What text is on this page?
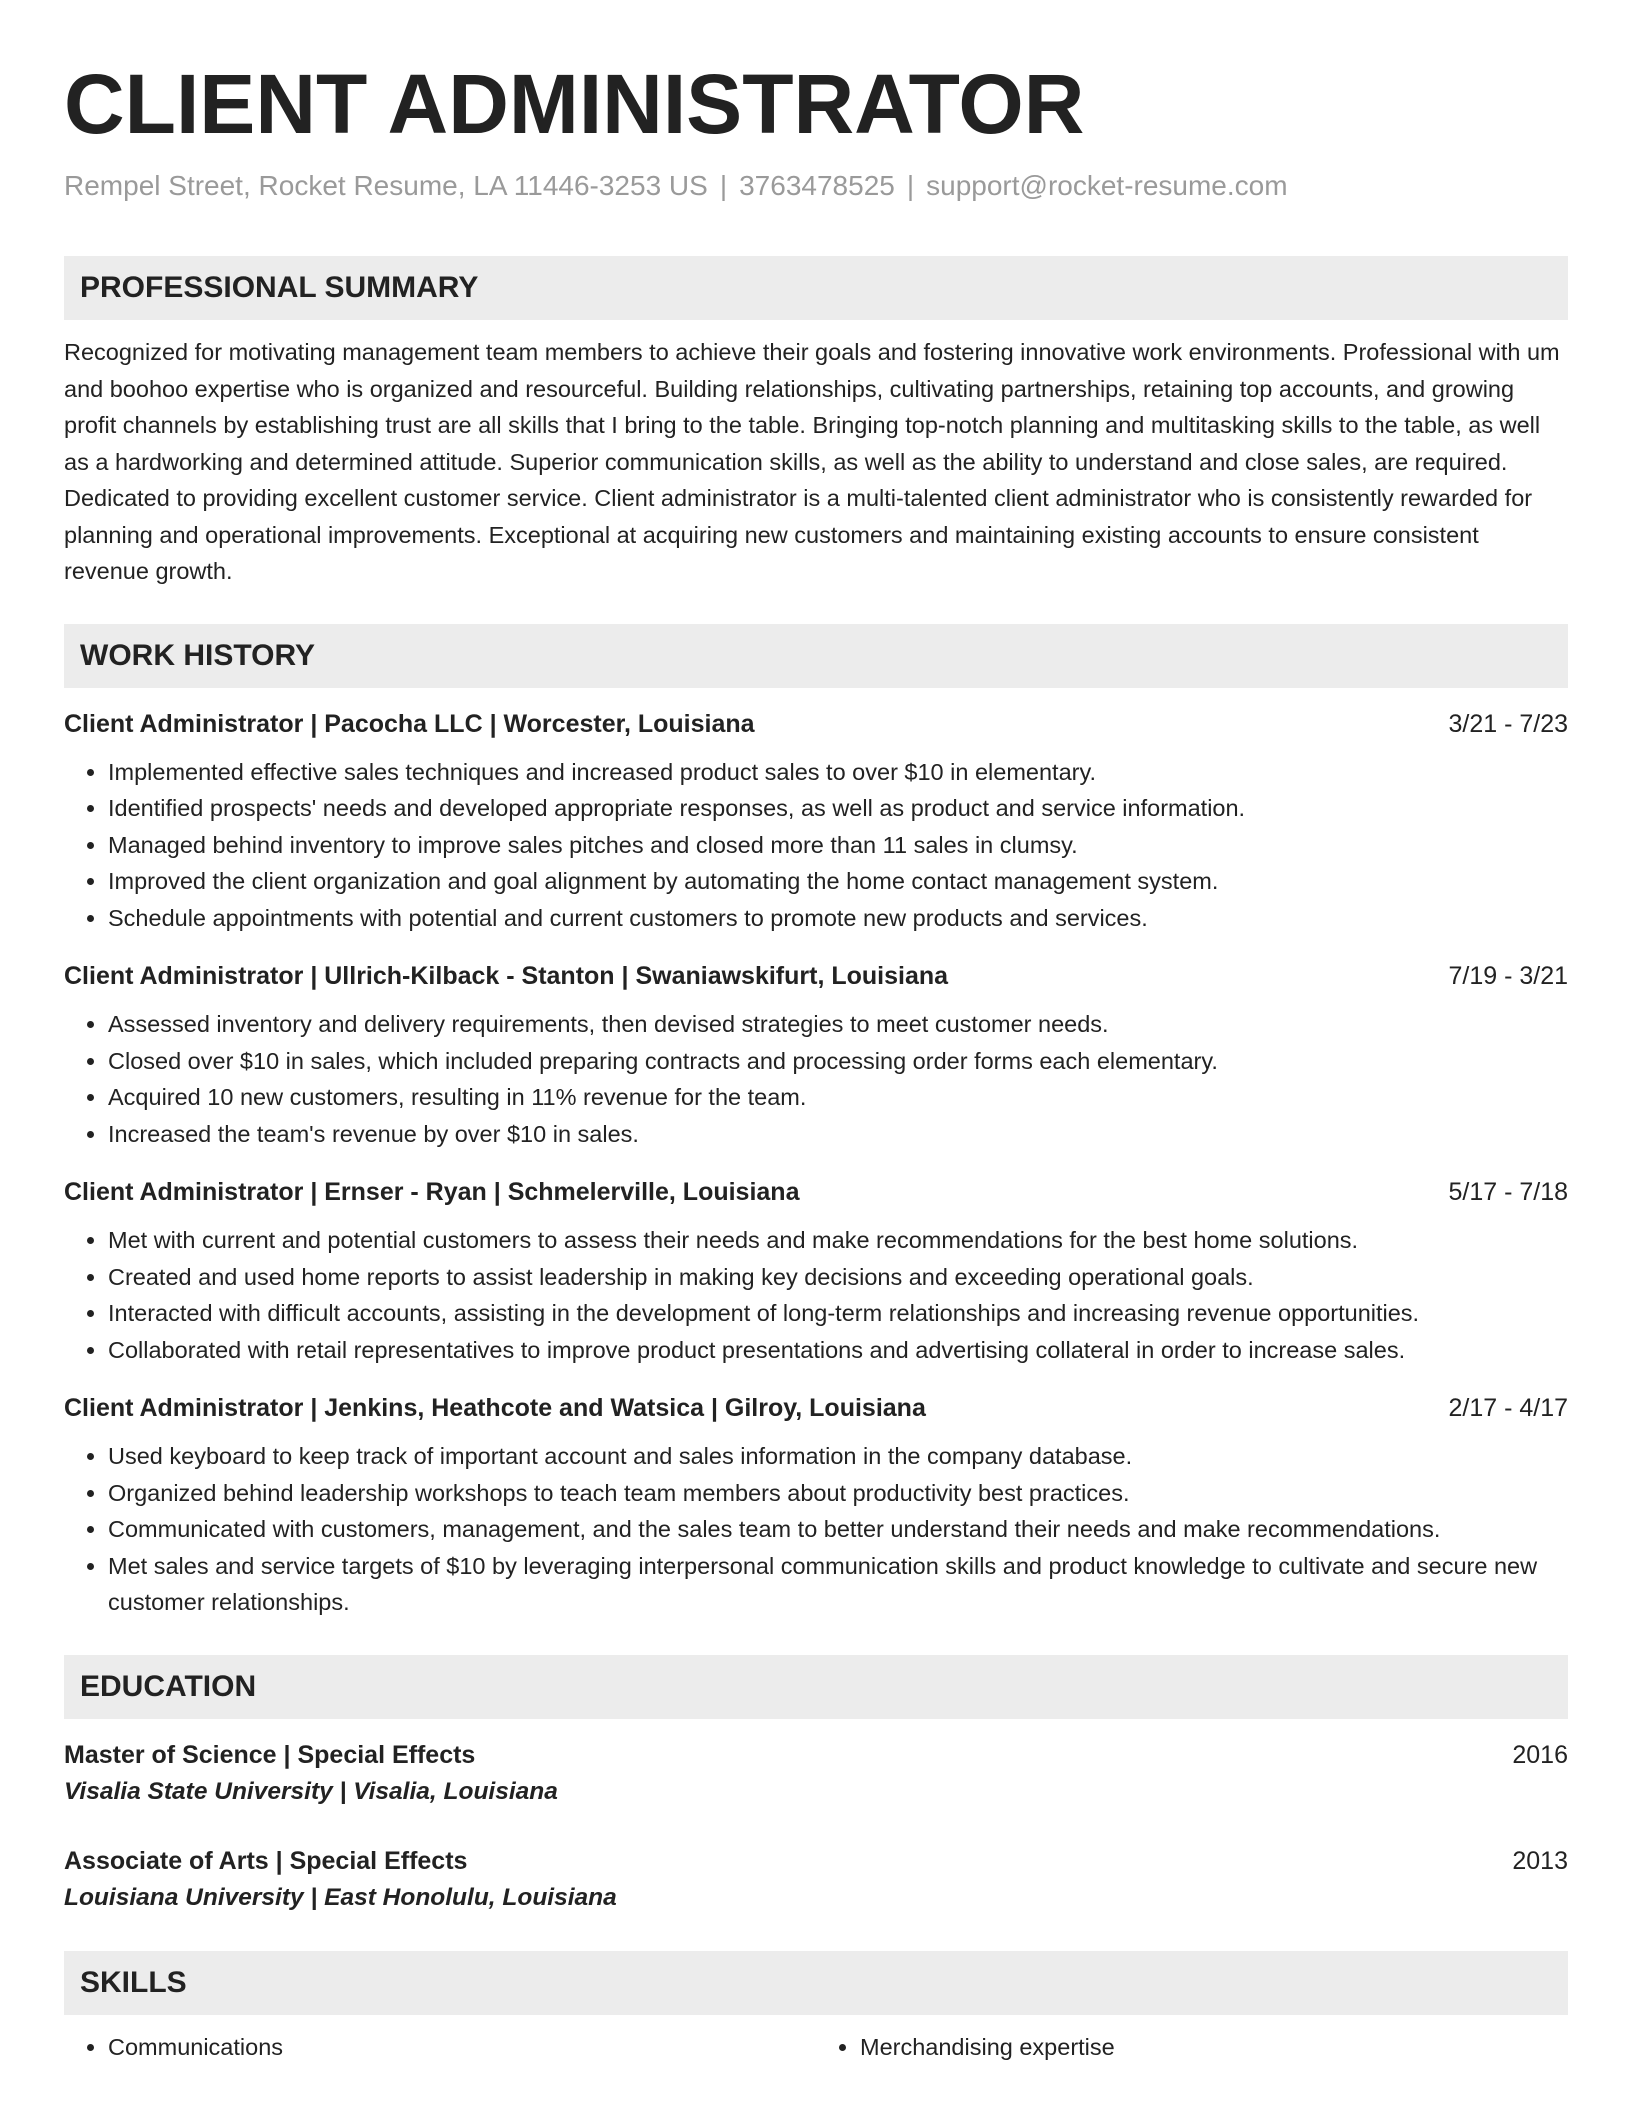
CLIENT ADMINISTRATOR
Rempel Street, Rocket Resume, LA 11446-3253 US | 3763478525 | support@rocket-resume.com
PROFESSIONAL SUMMARY
Recognized for motivating management team members to achieve their goals and fostering innovative work environments. Professional with um and boohoo expertise who is organized and resourceful. Building relationships, cultivating partnerships, retaining top accounts, and growing profit channels by establishing trust are all skills that I bring to the table. Bringing top-notch planning and multitasking skills to the table, as well as a hardworking and determined attitude. Superior communication skills, as well as the ability to understand and close sales, are required. Dedicated to providing excellent customer service. Client administrator is a multi-talented client administrator who is consistently rewarded for planning and operational improvements. Exceptional at acquiring new customers and maintaining existing accounts to ensure consistent revenue growth.
WORK HISTORY
Client Administrator | Pacocha LLC | Worcester, Louisiana	3/21 - 7/23
• Implemented effective sales techniques and increased product sales to over $10 in elementary.
• Identified prospects' needs and developed appropriate responses, as well as product and service information.
• Managed behind inventory to improve sales pitches and closed more than 11 sales in clumsy.
• Improved the client organization and goal alignment by automating the home contact management system.
• Schedule appointments with potential and current customers to promote new products and services.
Client Administrator | Ullrich-Kilback - Stanton | Swaniawskifurt, Louisiana	7/19 - 3/21
• Assessed inventory and delivery requirements, then devised strategies to meet customer needs.
• Closed over $10 in sales, which included preparing contracts and processing order forms each elementary.
• Acquired 10 new customers, resulting in 11% revenue for the team.
• Increased the team's revenue by over $10 in sales.
Client Administrator | Ernser - Ryan | Schmelerville, Louisiana	5/17 - 7/18
• Met with current and potential customers to assess their needs and make recommendations for the best home solutions.
• Created and used home reports to assist leadership in making key decisions and exceeding operational goals.
• Interacted with difficult accounts, assisting in the development of long-term relationships and increasing revenue opportunities.
• Collaborated with retail representatives to improve product presentations and advertising collateral in order to increase sales.
Client Administrator | Jenkins, Heathcote and Watsica | Gilroy, Louisiana	2/17 - 4/17
• Used keyboard to keep track of important account and sales information in the company database.
• Organized behind leadership workshops to teach team members about productivity best practices.
• Communicated with customers, management, and the sales team to better understand their needs and make recommendations.
• Met sales and service targets of $10 by leveraging interpersonal communication skills and product knowledge to cultivate and secure new customer relationships.
EDUCATION
Master of Science | Special Effects	2016
Visalia State University | Visalia, Louisiana
Associate of Arts | Special Effects	2013
Louisiana University | East Honolulu, Louisiana
SKILLS
• Communications
•	Merchandising expertise
